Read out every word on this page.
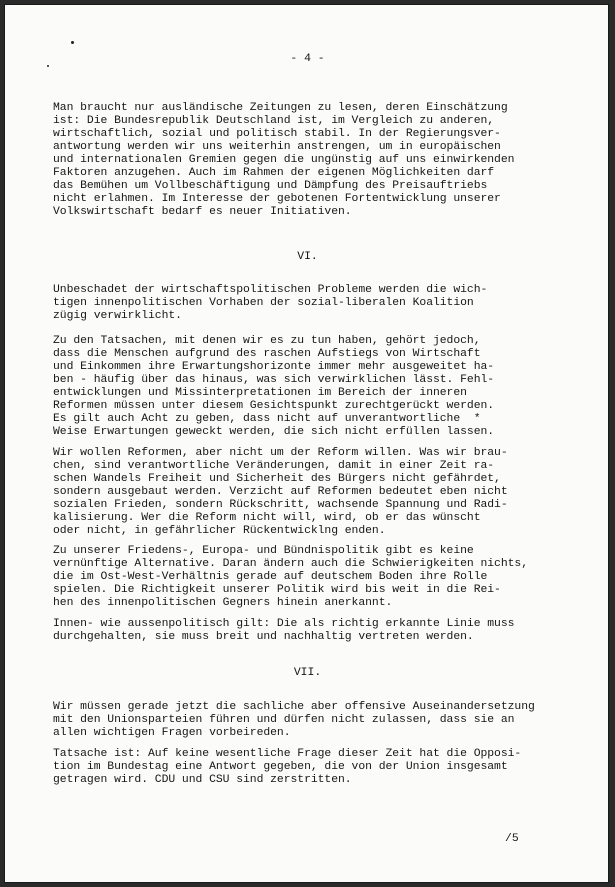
- 4 -
Man braucht nur ausländische Zeitungen zu lesen, deren Einschätzung
ist: Die Bundesrepublik Deutschland ist, im Vergleich zu anderen,
wirtschaftlich, sozial und politisch stabil. In der Regierungsver-
antwortung werden wir uns weiterhin anstrengen, um in europäischen
und internationalen Gremien gegen die ungünstig auf uns einwirkenden
Faktoren anzugehen. Auch im Rahmen der eigenen Möglichkeiten darf
das Bemühen um Vollbeschäftigung und Dämpfung des Preisauftriebs
nicht erlahmen. Im Interesse der gebotenen Fortentwicklung unserer
Volkswirtschaft bedarf es neuer Initiativen.
VI.
Unbeschadet der wirtschaftspolitischen Probleme werden die wich-
tigen innenpolitischen Vorhaben der sozial-liberalen Koalition
zügig verwirklicht.
Zu den Tatsachen, mit denen wir es zu tun haben, gehört jedoch,
dass die Menschen aufgrund des raschen Aufstiegs von Wirtschaft
und Einkommen ihre Erwartungshorizonte immer mehr ausgeweitet ha-
ben - häufig über das hinaus, was sich verwirklichen lässt. Fehl-
entwicklungen und Missinterpretationen im Bereich der inneren
Reformen müssen unter diesem Gesichtspunkt zurechtgerückt werden.
Es gilt auch Acht zu geben, dass nicht auf unverantwortliche  *
Weise Erwartungen geweckt werden, die sich nicht erfüllen lassen.
Wir wollen Reformen, aber nicht um der Reform willen. Was wir brau-
chen, sind verantwortliche Veränderungen, damit in einer Zeit ra-
schen Wandels Freiheit und Sicherheit des Bürgers nicht gefährdet,
sondern ausgebaut werden. Verzicht auf Reformen bedeutet eben nicht
sozialen Frieden, sondern Rückschritt, wachsende Spannung und Radi-
kalisierung. Wer die Reform nicht will, wird, ob er das wünscht
oder nicht, in gefährlicher Rückentwicklng enden.
Zu unserer Friedens-, Europa- und Bündnispolitik gibt es keine
vernünftige Alternative. Daran ändern auch die Schwierigkeiten nichts,
die im Ost-West-Verhältnis gerade auf deutschem Boden ihre Rolle
spielen. Die Richtigkeit unserer Politik wird bis weit in die Rei-
hen des innenpolitischen Gegners hinein anerkannt.
Innen- wie aussenpolitisch gilt: Die als richtig erkannte Linie muss
durchgehalten, sie muss breit und nachhaltig vertreten werden.
VII.
Wir müssen gerade jetzt die sachliche aber offensive Auseinandersetzung
mit den Unionsparteien führen und dürfen nicht zulassen, dass sie an
allen wichtigen Fragen vorbeireden.
Tatsache ist: Auf keine wesentliche Frage dieser Zeit hat die Opposi-
tion im Bundestag eine Antwort gegeben, die von der Union insgesamt
getragen wird. CDU und CSU sind zerstritten.
/5
